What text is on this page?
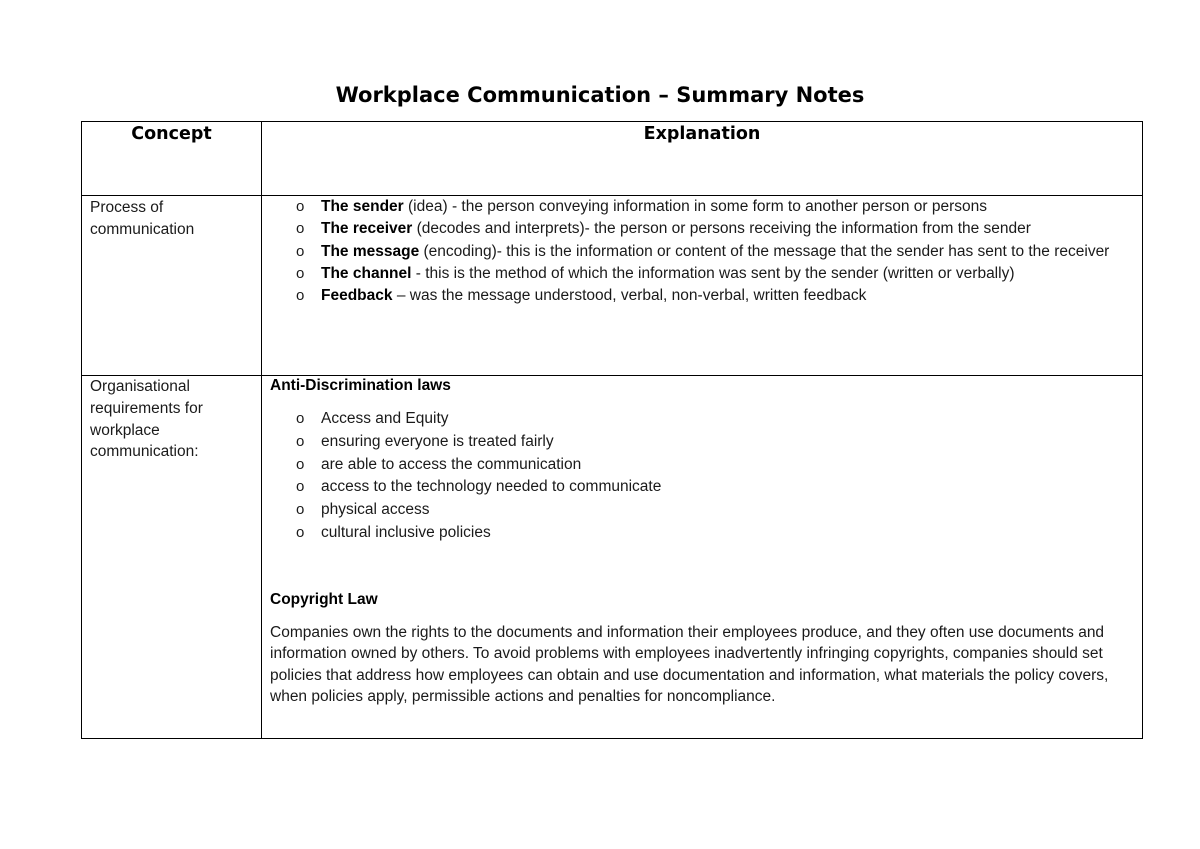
Workplace Communication – Summary Notes
Concept	Explanation
Process of communication
o The sender (idea) - the person conveying information in some form to another person or persons
o The receiver (decodes and interprets)- the person or persons receiving the information from the sender
o The message (encoding)- this is the information or content of the message that the sender has sent to the receiver
o The channel - this is the method of which the information was sent by the sender (written or verbally)
o Feedback – was the message understood, verbal, non-verbal, written feedback
Organisational requirements for workplace communication:
Anti-Discrimination laws
o Access and Equity
o ensuring everyone is treated fairly
o are able to access the communication
o access to the technology needed to communicate
o physical access
o cultural inclusive policies
Copyright Law

Companies own the rights to the documents and information their employees produce, and they often use documents and information owned by others. To avoid problems with employees inadvertently infringing copyrights, companies should set policies that address how employees can obtain and use documentation and information, what materials the policy covers, when policies apply, permissible actions and penalties for noncompliance.
